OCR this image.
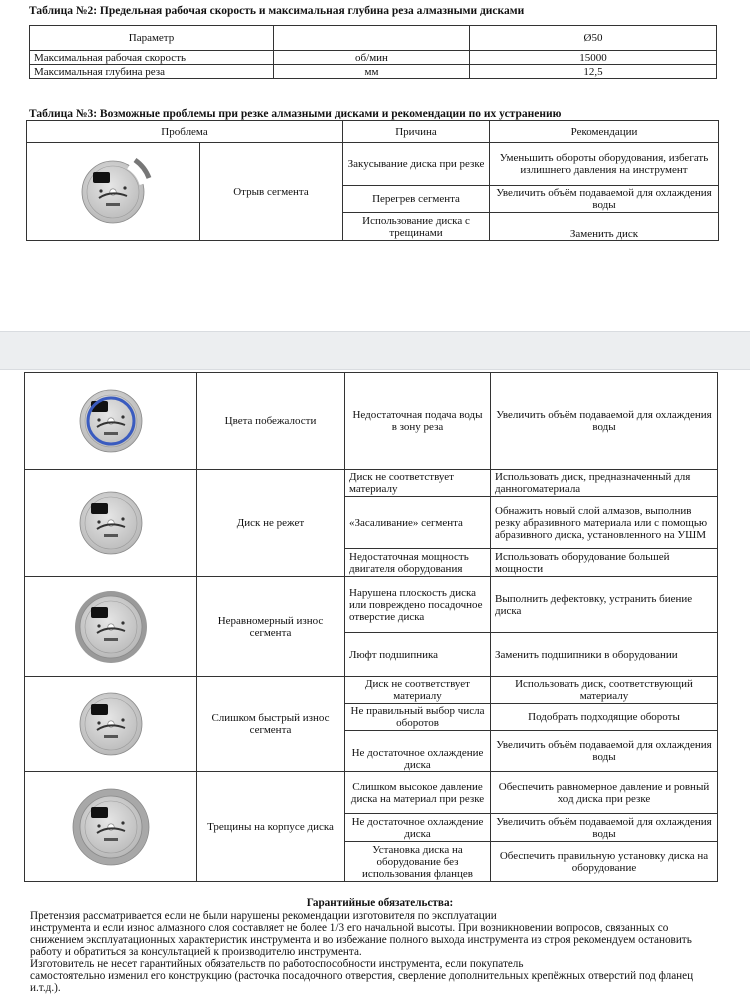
Таблица №2: Предельная рабочая скорость и максимальная глубина реза алмазными дисками
Параметр		Ø50
Максимальная рабочая скорость	об/мин	15000
Максимальная глубина реза	мм	12,5
Таблица №3: Возможные проблемы при резке алмазными дисками и рекомендации по их устранению
Проблема		Причина	Рекомендации

	Отрыв сегмента	Закусывание диска при резке	Уменьшить обороты оборудования, избегать излишнего давления на инструмент
		Перегрев сегмента	Увеличить объём подаваемой для охлаждения воды
		Использование диска с трещинами	Заменить диск
	Цвета побежалости	Недостаточная подача воды в зону реза	Увеличить объём подаваемой для охлаждения воды

	Диск не режет	Диск не соответствует материалу	Использовать диск, предназначенный для данногоматериала
		«Засаливание» сегмента	Обнажить новый слой алмазов, выполнив резку абразивного материала или с помощью абразивного диска, установленного на УШМ
		Недостаточная мощность двигателя оборудования	Использовать оборудование большей мощности

	Неравномерный износ сегмента	Нарушена плоскость диска или повреждено посадочное отверстие диска	Выполнить дефектовку, устранить биение диска
		Люфт подшипника	Заменить подшипники в оборудовании

	Слишком быстрый износ сегмента	Диск не соответствует материалу	Использовать диск, соответствующий материалу
		Не правильный выбор числа оборотов	Подобрать подходящие обороты
		Не достаточное охлаждение диска	Увеличить объём подаваемой для охлаждения воды

	Трещины на корпусе диска	Слишком высокое давление диска на материал при резке	Обеспечить равномерное давление и ровный ход диска при резке
		Не достаточное охлаждение диска	Увеличить объём подаваемой для охлаждения воды
		Установка диска на оборудование без использования фланцев	Обеспечить правильную установку диска на оборудование

Гарантийные обязательства:

Претензия рассматривается если не были нарушены рекомендации изготовителя по эксплуатации

инструмента и если износ алмазного слоя составляет не более 1/3 его начальной высоты. При возникновении вопросов, связанных со

снижением эксплуатационных характеристик инструмента и во избежание полного выхода инструмента из строя рекомендуем остановить

работу и обратиться за консультацией к производителю инструмента.

Изготовитель не несет гарантийных обязательств по работоспособности инструмента, если покупатель

самостоятельно изменил его конструкцию (расточка посадочного отверстия, сверление дополнительных крепёжных отверстий под фланец

и.т.д.).
